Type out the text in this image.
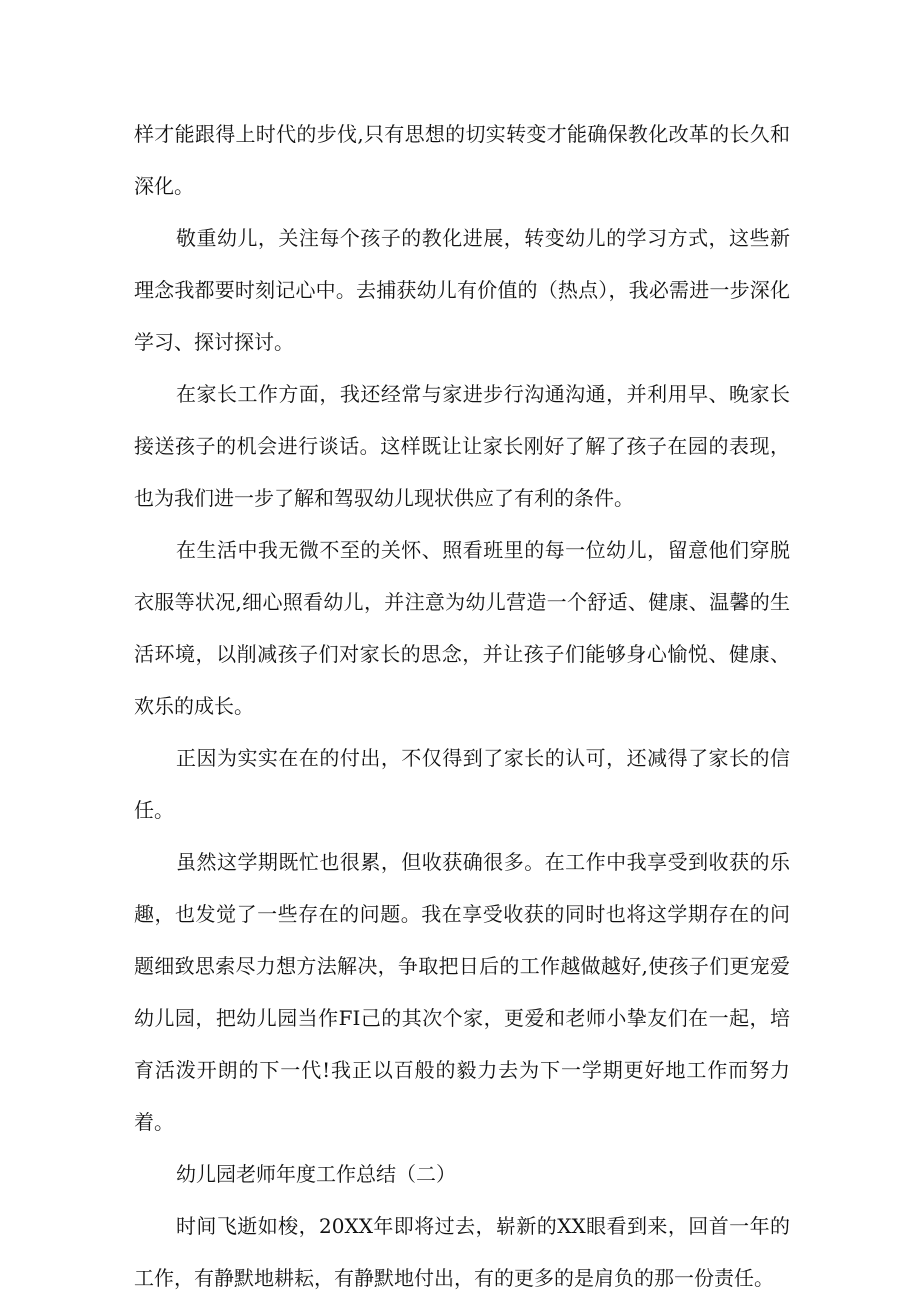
样才能跟得上时代的步伐,只有思想的切实转变才能确保教化改革的长久和深化。

敬重幼儿，关注每个孩子的教化进展，转变幼儿的学习方式，这些新理念我都要时刻记心中。去捕获幼儿有价值的（热点），我必需进一步深化学习、探讨探讨。

在家长工作方面，我还经常与家进步行沟通沟通，并利用早、晚家长接送孩子的机会进行谈话。这样既让让家长刚好了解了孩子在园的表现，也为我们进一步了解和驾驭幼儿现状供应了有利的条件。

在生活中我无微不至的关怀、照看班里的每一位幼儿，留意他们穿脱衣服等状况,细心照看幼儿，并注意为幼儿营造一个舒适、健康、温馨的生活环境，以削减孩子们对家长的思念，并让孩子们能够身心愉悦、健康、欢乐的成长。

正因为实实在在的付出，不仅得到了家长的认可，还减得了家长的信任。

虽然这学期既忙也很累，但收获确很多。在工作中我享受到收获的乐趣，也发觉了一些存在的问题。我在享受收获的同时也将这学期存在的问题细致思索尽力想方法解决，争取把日后的工作越做越好,使孩子们更宠爱幼儿园，把幼儿园当作FI己的其次个家，更爱和老师小挚友们在一起，培育活泼开朗的下一代!我正以百般的毅力去为下一学期更好地工作而努力着。

幼儿园老师年度工作总结（二）

时间飞逝如梭，20XX年即将过去，崭新的XX眼看到来，回首一年的工作，有静默地耕耘，有静默地付出，有的更多的是肩负的那一份责任。
